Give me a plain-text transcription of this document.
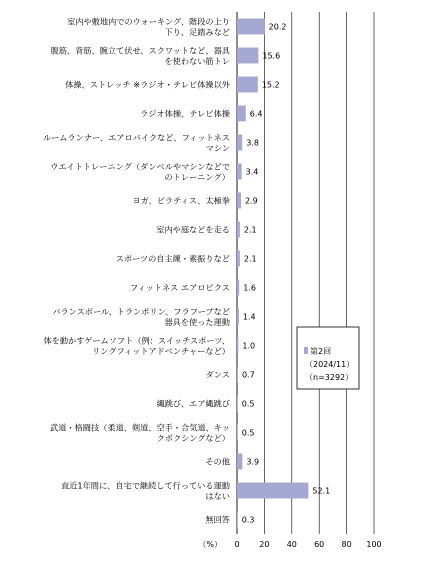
室内や敷地内でのウォーキング、階段の上り
下り、足踏みなど
腹筋、背筋、腕立て伏せ、スクワットなど、器具
を使わない筋トレ
体操、ストレッチ ※ラジオ・テレビ体操以外
ラジオ体操、テレビ体操
ルームランナー、エアロバイクなど、フィットネス
マシン
ウエイトトレーニング（ダンベルやマシンなどで
のトレーニング）
ヨガ、ピラティス、太極拳
室内や庭などを走る
スポーツの自主練・素振りなど
フィットネス エアロビクス
バランスボール、トランポリン、フラフープなど
器具を使った運動
体を動かすゲームソフト（例：スイッチスポーツ、
リングフィットアドベンチャーなど）
ダンス
縄跳び、エア縄跳び
武道・格闘技（柔道、剣道、空手・合気道、キッ
クボクシングなど）
その他
直近1年間に、自宅で継続して行っている運動
はない
無回答
20.2
15.6
15.2
6.4
3.8
3.4
2.9
2.1
2.1
1.6
1.4
1.0
0.7
0.5
0.5
3.9
52.1
0.3
（%） 0 20 40 60 80 100
第2回
（2024/11）
（n=3292）
